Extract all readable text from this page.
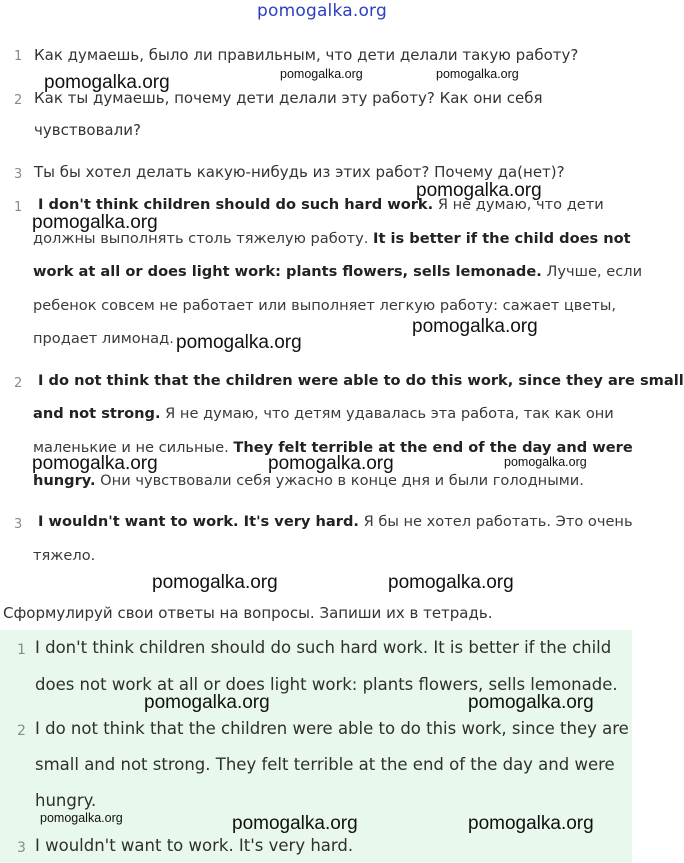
pomogalka.org
1 Как думаешь, было ли правильным, что дети делали такую работу?
2 Как ты думаешь, почему дети делали эту работу? Как они себя
чувствовали?
3 Ты бы хотел делать какую-нибудь из этих работ? Почему да(нет)?
1 I don't think children should do such hard work. Я не думаю, что дети
должны выполнять столь тяжелую работу. It is better if the child does not
work at all or does light work: plants flowers, sells lemonade. Лучше, если
ребенок совсем не работает или выполняет легкую работу: сажает цветы,
продает лимонад.
2 I do not think that the children were able to do this work, since they are small
and not strong. Я не думаю, что детям удавалась эта работа, так как они
маленькие и не сильные. They felt terrible at the end of the day and were
hungry. Они чувствовали себя ужасно в конце дня и были голодными.
3 I wouldn't want to work. It's very hard. Я бы не хотел работать. Это очень
тяжело.
Сформулируй свои ответы на вопросы. Запиши их в тетрадь.
1 I don't think children should do such hard work. It is better if the child
does not work at all or does light work: plants flowers, sells lemonade.
2 I do not think that the children were able to do this work, since they are
small and not strong. They felt terrible at the end of the day and were
hungry.
3 I wouldn't want to work. It's very hard.
pomogalka.org	pomogalka.org	pomogalka.org
pomogalka.org
pomogalka.org
pomogalka.org
pomogalka.org
pomogalka.org	pomogalka.org	pomogalka.org
pomogalka.org	pomogalka.org
pomogalka.org	pomogalka.org
pomogalka.org	pomogalka.org	pomogalka.org
